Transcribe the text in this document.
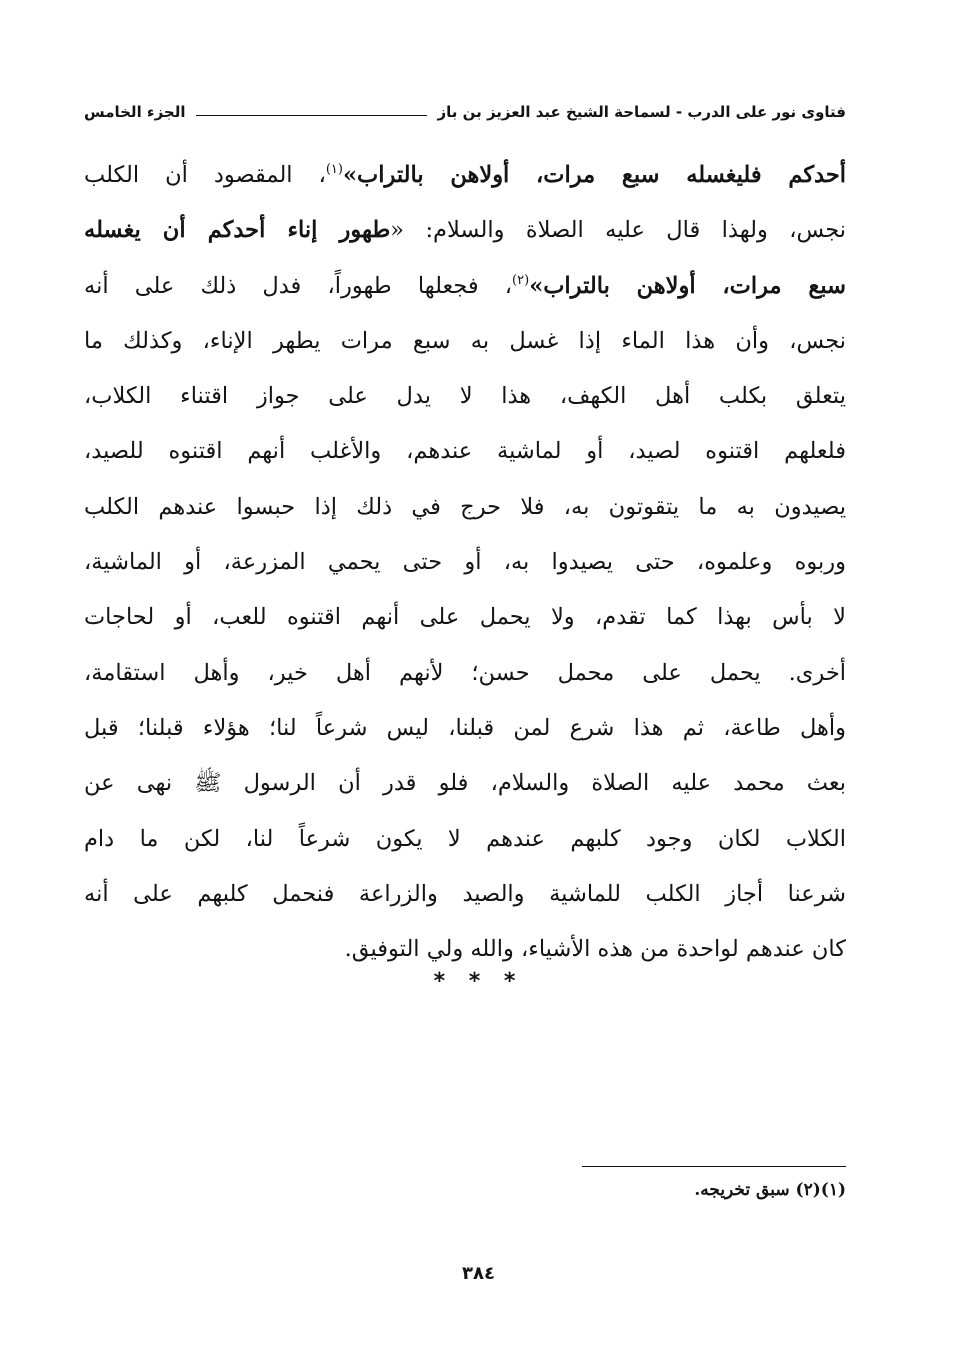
فتاوى نور على الدرب - لسماحة الشيخ عبد العزيز بن باز
الجزء الخامس
أحدكم فليغسله سبع مرات، أولاهن بالتراب»$^{(١)}$، المقصود أن الكلب
نجس، ولهذا قال عليه الصلاة والسلام: «طهور إناء أحدكم أن يغسله
سبع مرات، أولاهن بالتراب»$^{(٢)}$، فجعلها طهوراً، فدل ذلك على أنه
نجس، وأن هذا الماء إذا غسل به سبع مرات يطهر الإناء، وكذلك ما
يتعلق بكلب أهل الكهف، هذا لا يدل على جواز اقتناء الكلاب،
فلعلهم اقتنوه لصيد، أو لماشية عندهم، والأغلب أنهم اقتنوه للصيد،
يصيدون به ما يتقوتون به، فلا حرج في ذلك إذا حبسوا عندهم الكلب
وربوه وعلموه، حتى يصيدوا به، أو حتى يحمي المزرعة، أو الماشية،
لا بأس بهذا كما تقدم، ولا يحمل على أنهم اقتنوه للعب، أو لحاجات
أخرى. يحمل على محمل حسن؛ لأنهم أهل خير، وأهل استقامة،
وأهل طاعة، ثم هذا شرع لمن قبلنا، ليس شرعاً لنا؛ هؤلاء قبلنا؛ قبل
بعث محمد عليه الصلاة والسلام، فلو قدر أن الرسول ﷺ نهى عن
الكلاب لكان وجود كلبهم عندهم لا يكون شرعاً لنا، لكن ما دام
شرعنا أجاز الكلب للماشية والصيد والزراعة فنحمل كلبهم على أنه
كان عندهم لواحدة من هذه الأشياء، والله ولي التوفيق.
* * *
(١)(٢) سبق تخريجه.
٣٨٤
